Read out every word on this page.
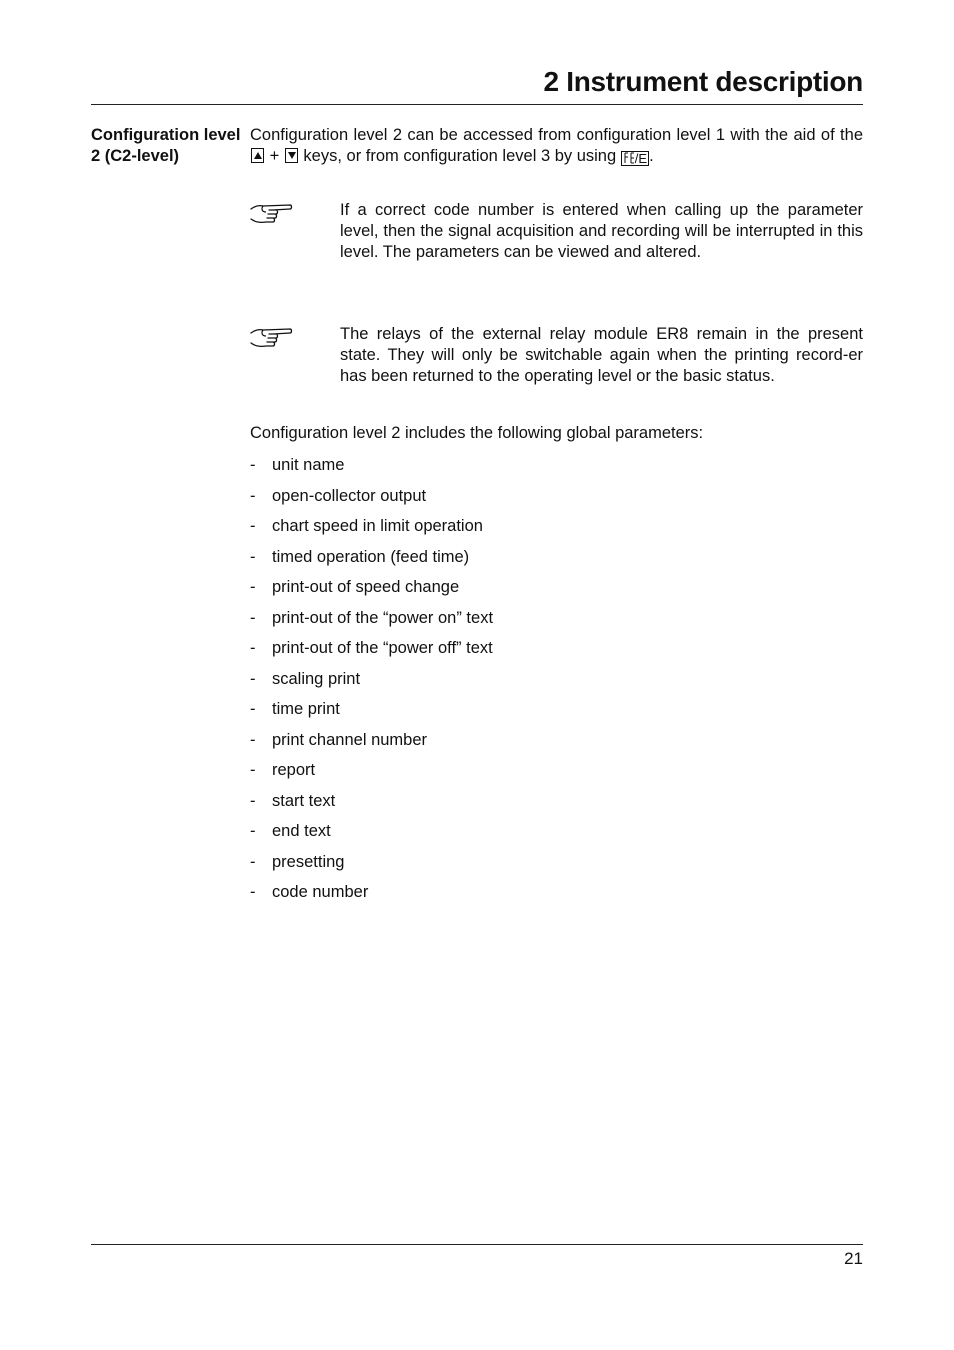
2 Instrument description
Configuration level 2 (C2-level)
Configuration level 2 can be accessed from configuration level 1 with the aid of the
+ keys, or from configuration level 3 by using /E .
If a correct code number is entered when calling up the parameter level, then the signal acquisition and recording will be interrupted in this level. The parameters can be viewed and altered.
The relays of the external relay module ER8 remain in the present state. They will only be switchable again when the printing record-er has been returned to the operating level or the basic status.
Configuration level 2 includes the following global parameters:
- unit name
- open-collector output
- chart speed in limit operation
- timed operation (feed time)
- print-out of speed change
- print-out of the “power on” text
- print-out of the “power off” text
- scaling print
- time print
- print channel number
- report
- start text
- end text
- presetting
- code number
21
